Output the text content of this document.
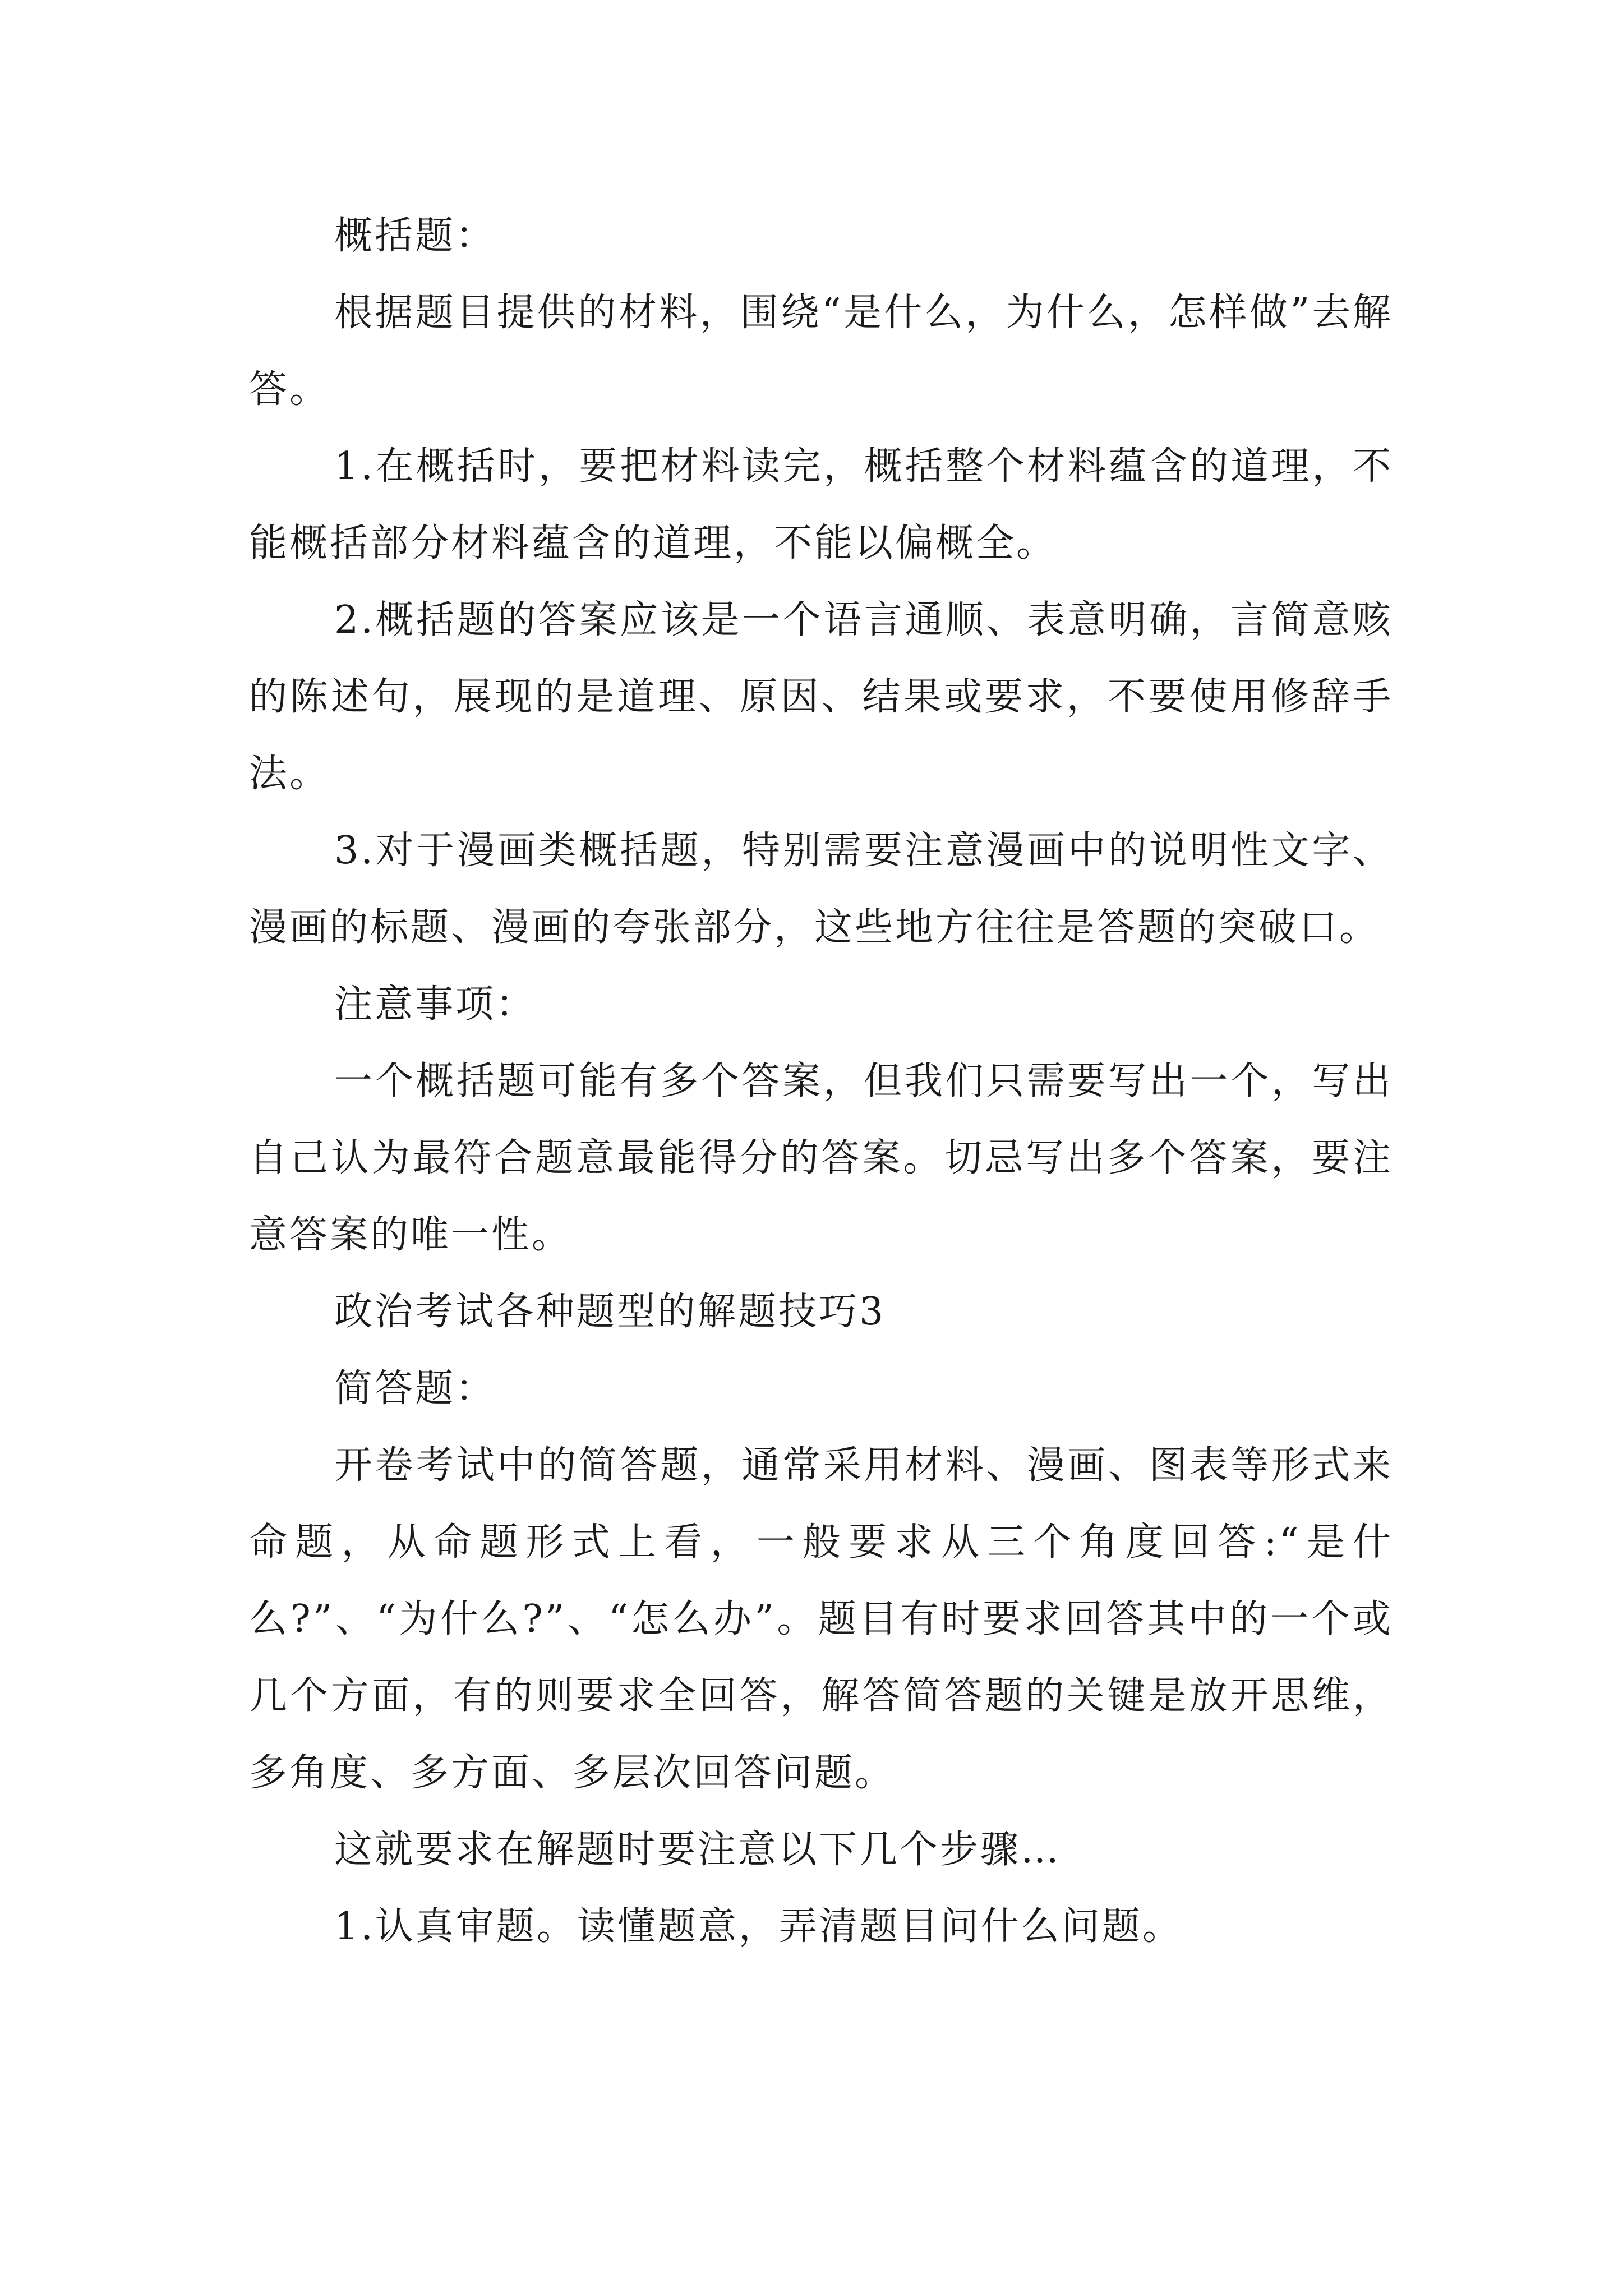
概括题：

根据题目提供的材料，围绕“是什么，为什么，怎样做”去解答。

1.在概括时，要把材料读完，概括整个材料蕴含的道理，不能概括部分材料蕴含的道理，不能以偏概全。

2.概括题的答案应该是一个语言通顺、表意明确，言简意赅的陈述句，展现的是道理、原因、结果或要求，不要使用修辞手法。

3.对于漫画类概括题，特别需要注意漫画中的说明性文字、漫画的标题、漫画的夸张部分，这些地方往往是答题的突破口。

注意事项：

一个概括题可能有多个答案，但我们只需要写出一个，写出自己认为最符合题意最能得分的答案。切忌写出多个答案，要注意答案的唯一性。

政治考试各种题型的解题技巧3

简答题：

开卷考试中的简答题，通常采用材料、漫画、图表等形式来命题，从命题形式上看，一般要求从三个角度回答:“是什么?”、“为什么?”、“怎么办”。题目有时要求回答其中的一个或几个方面，有的则要求全回答，解答简答题的关键是放开思维，多角度、多方面、多层次回答问题。

这就要求在解题时要注意以下几个步骤…

1.认真审题。读懂题意，弄清题目问什么问题。
